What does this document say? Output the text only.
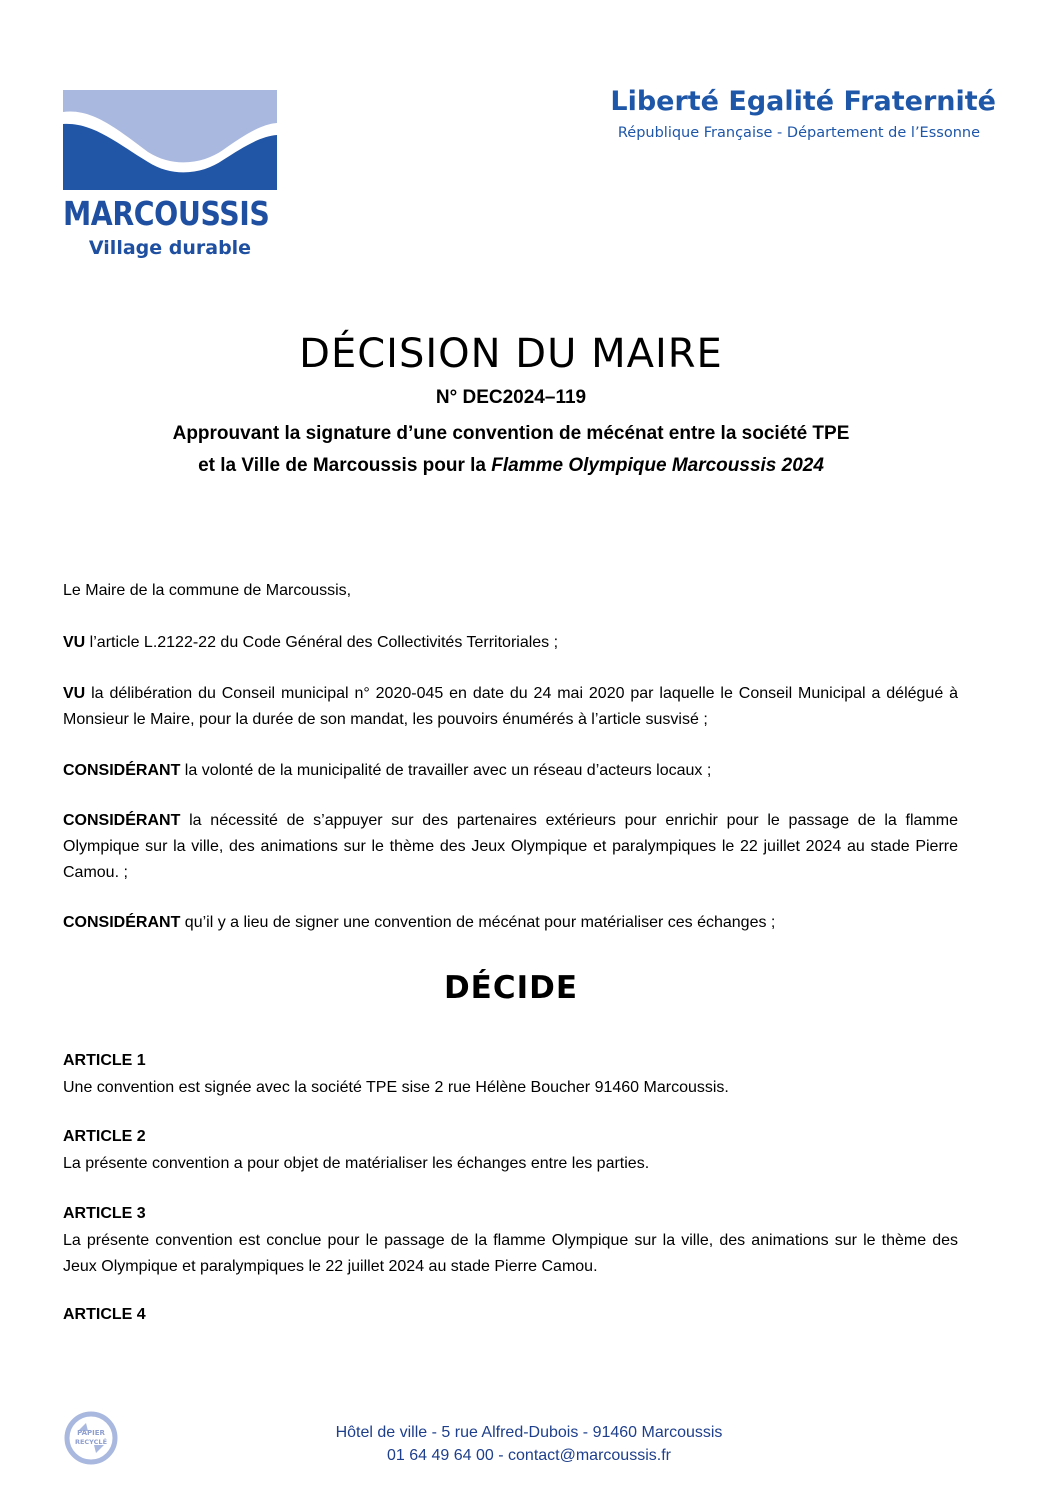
MARCOUSSIS
Village durable
Liberté Egalité Fraternité
République Française - Département de l’Essonne
DÉCISION DU MAIRE
N° DEC2024–119
Approuvant la signature d’une convention de mécénat entre la société TPE
et la Ville de Marcoussis pour la Flamme Olympique Marcoussis 2024

Le Maire de la commune de Marcoussis,

VU l’article L.2122-22 du Code Général des Collectivités Territoriales ;

VU la délibération du Conseil municipal n° 2020-045 en date du 24 mai 2020 par laquelle le Conseil Municipal a délégué à Monsieur le Maire, pour la durée de son mandat, les pouvoirs énumérés à l’article susvisé ;

CONSIDÉRANT la volonté de la municipalité de travailler avec un réseau d’acteurs locaux ;

CONSIDÉRANT la nécessité de s’appuyer sur des partenaires extérieurs pour enrichir pour le passage de la flamme Olympique sur la ville, des animations sur le thème des Jeux Olympique et paralympiques le 22 juillet 2024 au stade Pierre Camou. ;

CONSIDÉRANT qu’il y a lieu de signer une convention de mécénat pour matérialiser ces échanges ;

DÉCIDE
ARTICLE 1

Une convention est signée avec la société TPE sise 2 rue Hélène Boucher 91460 Marcoussis.

ARTICLE 2

La présente convention a pour objet de matérialiser les échanges entre les parties.

ARTICLE 3

La présente convention est conclue pour le passage de la flamme Olympique sur la ville, des animations sur le thème des Jeux Olympique et paralympiques le 22 juillet 2024 au stade Pierre Camou.

ARTICLE 4
PAPIER
RECYCLÉ
Hôtel de ville - 5 rue Alfred-Dubois - 91460 Marcoussis
01 64 49 64 00 - contact@marcoussis.fr
